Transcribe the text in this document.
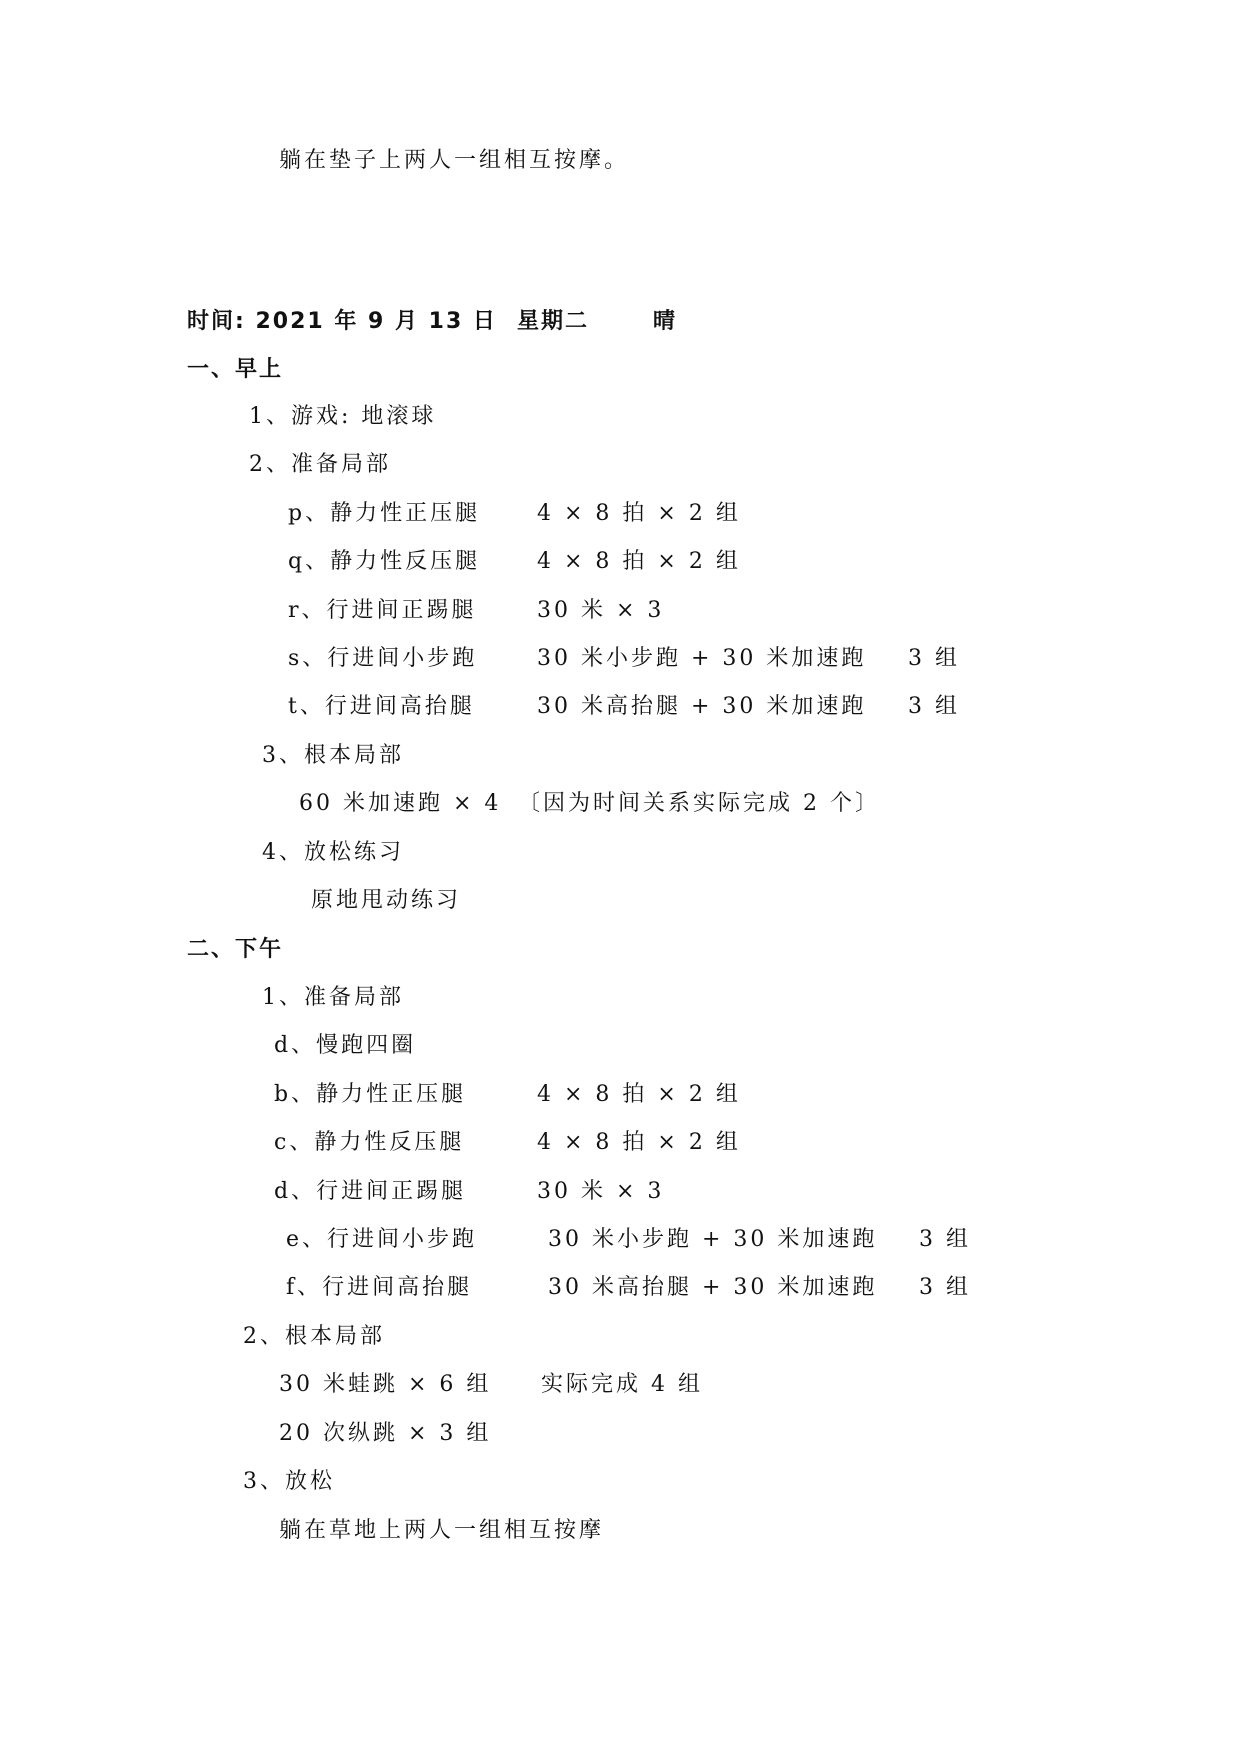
躺在垫子上两人一组相互按摩。
时间: 2021 年 9 月 13 日 星期二	晴
一、早上
1、游戏: 地滚球
2、准备局部
p、静力性正压腿	4 × 8 拍 × 2 组
q、静力性反压腿	4 × 8 拍 × 2 组
r、行进间正踢腿	30 米 × 3
s、行进间小步跑	30 米小步跑 + 30 米加速跑 3 组
t、行进间高抬腿	30 米高抬腿 + 30 米加速跑 3 组
3、根本局部
60 米加速跑 × 4 〔因为时间关系实际完成 2 个〕
4、放松练习
原地甩动练习
二、下午
1、准备局部
d、慢跑四圈
b、静力性正压腿	4 × 8 拍 × 2 组
c、静力性反压腿	4 × 8 拍 × 2 组
d、行进间正踢腿	30 米 × 3
e、行进间小步跑	30 米小步跑 + 30 米加速跑 3 组
f、行进间高抬腿	30 米高抬腿 + 30 米加速跑 3 组
2、根本局部
30 米蛙跳 × 6 组 实际完成 4 组
20 次纵跳 × 3 组
3、放松
躺在草地上两人一组相互按摩
